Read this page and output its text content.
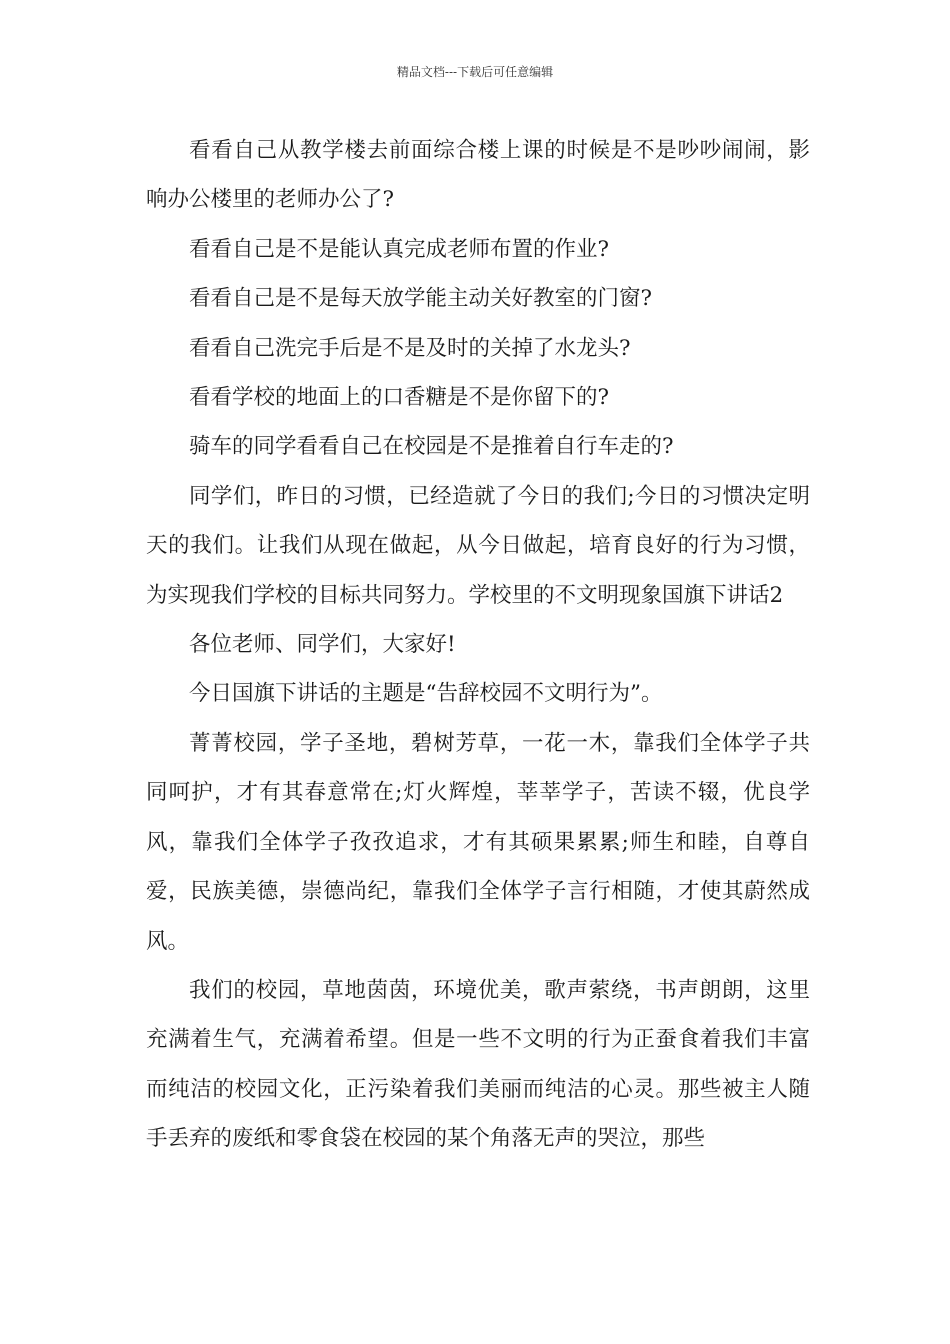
精品文档---下载后可任意编辑

看看自己从教学楼去前面综合楼上课的时候是不是吵吵闹闹，影响办公楼里的老师办公了?

看看自己是不是能认真完成老师布置的作业?

看看自己是不是每天放学能主动关好教室的门窗?

看看自己洗完手后是不是及时的关掉了水龙头?

看看学校的地面上的口香糖是不是你留下的?

骑车的同学看看自己在校园是不是推着自行车走的?

同学们，昨日的习惯，已经造就了今日的我们;今日的习惯决定明天的我们。让我们从现在做起，从今日做起，培育良好的行为习惯，为实现我们学校的目标共同努力。学校里的不文明现象国旗下讲话2

各位老师、同学们，大家好!

今日国旗下讲话的主题是“告辞校园不文明行为”。

菁菁校园，学子圣地，碧树芳草，一花一木，靠我们全体学子共同呵护，才有其春意常在;灯火辉煌，莘莘学子，苦读不辍，优良学风，靠我们全体学子孜孜追求，才有其硕果累累;师生和睦，自尊自爱，民族美德，崇德尚纪，靠我们全体学子言行相随，才使其蔚然成风。

我们的校园，草地茵茵，环境优美，歌声萦绕，书声朗朗，这里充满着生气，充满着希望。但是一些不文明的行为正蚕食着我们丰富而纯洁的校园文化，正污染着我们美丽而纯洁的心灵。那些被主人随手丢弃的废纸和零食袋在校园的某个角落无声的哭泣，那些
